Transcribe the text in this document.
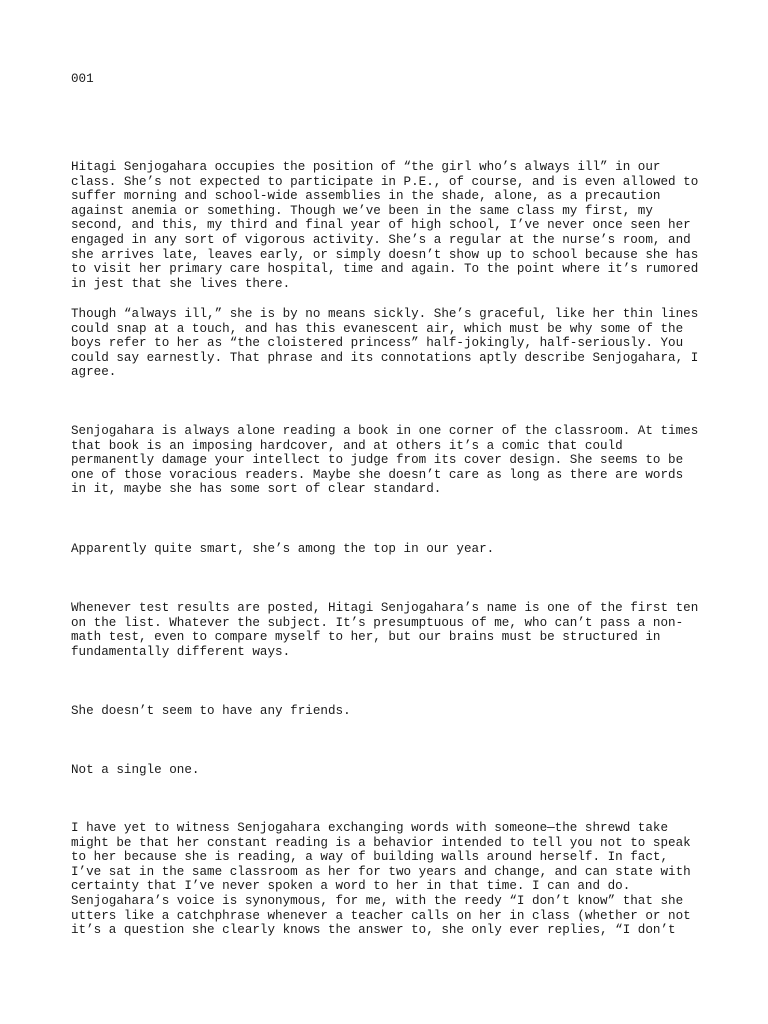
001

Hitagi Senjogahara occupies the position of “the girl who’s always ill” in our
class. She’s not expected to participate in P.E., of course, and is even allowed to
suffer morning and school-wide assemblies in the shade, alone, as a precaution
against anemia or something. Though we’ve been in the same class my first, my
second, and this, my third and final year of high school, I’ve never once seen her
engaged in any sort of vigorous activity. She’s a regular at the nurse’s room, and
she arrives late, leaves early, or simply doesn’t show up to school because she has
to visit her primary care hospital, time and again. To the point where it’s rumored
in jest that she lives there.

Though “always ill,” she is by no means sickly. She’s graceful, like her thin lines
could snap at a touch, and has this evanescent air, which must be why some of the
boys refer to her as “the cloistered princess” half-jokingly, half-seriously. You
could say earnestly. That phrase and its connotations aptly describe Senjogahara, I
agree.

Senjogahara is always alone reading a book in one corner of the classroom. At times
that book is an imposing hardcover, and at others it’s a comic that could
permanently damage your intellect to judge from its cover design. She seems to be
one of those voracious readers. Maybe she doesn’t care as long as there are words
in it, maybe she has some sort of clear standard.

Apparently quite smart, she’s among the top in our year.

Whenever test results are posted, Hitagi Senjogahara’s name is one of the first ten
on the list. Whatever the subject. It’s presumptuous of me, who can’t pass a non-
math test, even to compare myself to her, but our brains must be structured in
fundamentally different ways.

She doesn’t seem to have any friends.

Not a single one.

I have yet to witness Senjogahara exchanging words with someone—the shrewd take
might be that her constant reading is a behavior intended to tell you not to speak
to her because she is reading, a way of building walls around herself. In fact,
I’ve sat in the same classroom as her for two years and change, and can state with
certainty that I’ve never spoken a word to her in that time. I can and do.
Senjogahara’s voice is synonymous, for me, with the reedy “I don’t know” that she
utters like a catchphrase whenever a teacher calls on her in class (whether or not
it’s a question she clearly knows the answer to, she only ever replies, “I don’t
